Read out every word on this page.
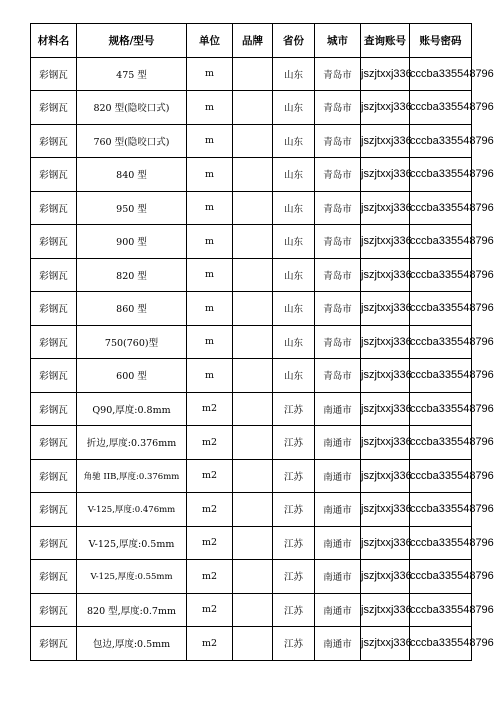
材料名	规格/型号	单位	品牌	省份	城市	查询账号	账号密码
彩钢瓦	475 型	m		山东	青岛市	jszjtxxj336	cccba335548796
彩钢瓦	820 型(隐咬口式)	m		山东	青岛市	jszjtxxj336	cccba335548796
彩钢瓦	760 型(隐咬口式)	m		山东	青岛市	jszjtxxj336	cccba335548796
彩钢瓦	840 型	m		山东	青岛市	jszjtxxj336	cccba335548796
彩钢瓦	950 型	m		山东	青岛市	jszjtxxj336	cccba335548796
彩钢瓦	900 型	m		山东	青岛市	jszjtxxj336	cccba335548796
彩钢瓦	820 型	m		山东	青岛市	jszjtxxj336	cccba335548796
彩钢瓦	860 型	m		山东	青岛市	jszjtxxj336	cccba335548796
彩钢瓦	750(760)型	m		山东	青岛市	jszjtxxj336	cccba335548796
彩钢瓦	600 型	m		山东	青岛市	jszjtxxj336	cccba335548796
彩钢瓦	Q90,厚度:0.8mm	m2		江苏	南通市	jszjtxxj336	cccba335548796
彩钢瓦	折边,厚度:0.376mm	m2		江苏	南通市	jszjtxxj336	cccba335548796
彩钢瓦	角驰 IIB,厚度:0.376mm	m2		江苏	南通市	jszjtxxj336	cccba335548796
彩钢瓦	V-125,厚度:0.476mm	m2		江苏	南通市	jszjtxxj336	cccba335548796
彩钢瓦	V-125,厚度:0.5mm	m2		江苏	南通市	jszjtxxj336	cccba335548796
彩钢瓦	V-125,厚度:0.55mm	m2		江苏	南通市	jszjtxxj336	cccba335548796
彩钢瓦	820 型,厚度:0.7mm	m2		江苏	南通市	jszjtxxj336	cccba335548796
彩钢瓦	包边,厚度:0.5mm	m2		江苏	南通市	jszjtxxj336	cccba335548796
